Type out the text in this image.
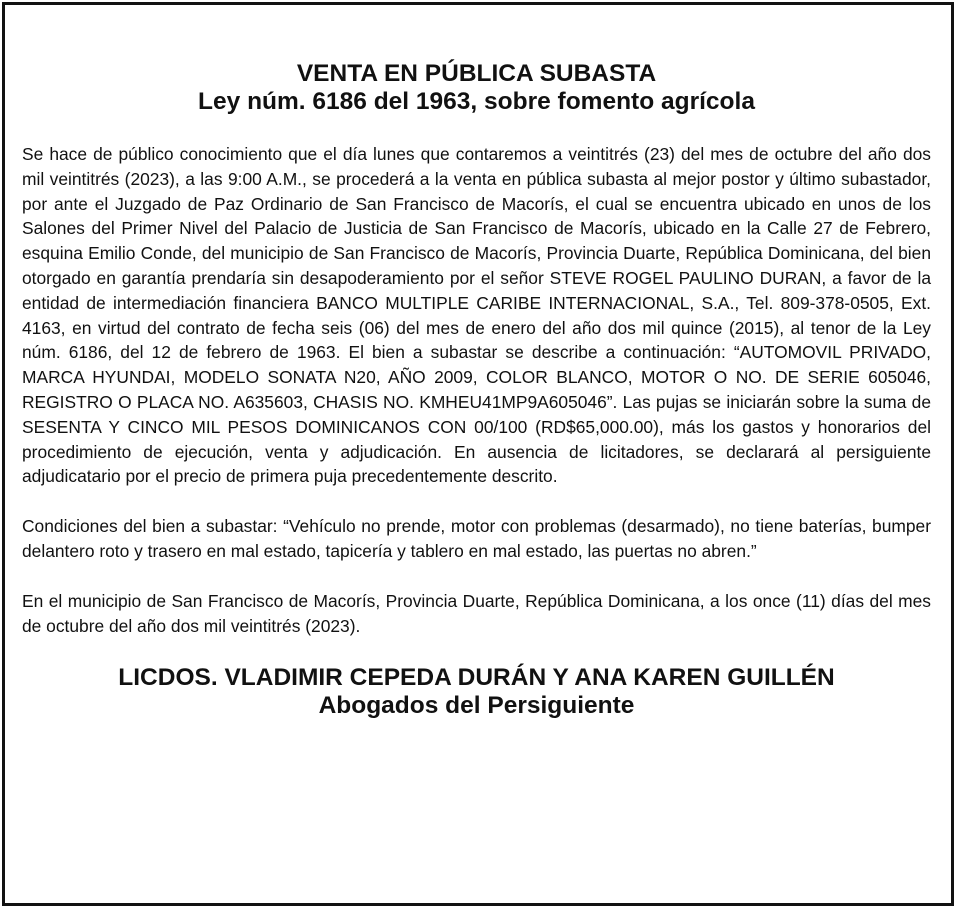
VENTA EN PÚBLICA SUBASTA
Ley núm. 6186 del 1963, sobre fomento agrícola

Se hace de público conocimiento que el día lunes que contaremos a veintitrés (23) del mes de octubre del año dos mil veintitrés (2023), a las 9:00 A.M., se procederá a la venta en pública subasta al mejor postor y último subastador, por ante el Juzgado de Paz Ordinario de San Francisco de Macorís, el cual se encuentra ubicado en unos de los Salones del Primer Nivel del Palacio de Justicia de San Francisco de Macorís, ubicado en la Calle 27 de Febrero, esquina Emilio Conde, del municipio de San Francisco de Macorís, Provincia Duarte, República Dominicana, del bien otorgado en garantía prendaría sin desapoderamiento por el señor STEVE ROGEL PAULINO DURAN, a favor de la entidad de intermediación financiera BANCO MULTIPLE CARIBE INTERNACIONAL, S.A., Tel. 809-378-0505, Ext. 4163, en virtud del contrato de fecha seis (06) del mes de enero del año dos mil quince (2015), al tenor de la Ley núm. 6186, del 12 de febrero de 1963. El bien a subastar se describe a continuación: “AUTOMOVIL PRIVADO, MARCA HYUNDAI, MODELO SONATA N20, AÑO 2009, COLOR BLANCO, MOTOR O NO. DE SERIE 605046, REGISTRO O PLACA NO. A635603, CHASIS NO. KMHEU41MP9A605046”. Las pujas se iniciarán sobre la suma de SESENTA Y CINCO MIL PESOS DOMINICANOS CON 00/100 (RD$65,000.00), más los gastos y honorarios del procedimiento de ejecución, venta y adjudicación. En ausencia de licitadores, se declarará al persiguiente adjudicatario por el precio de primera puja precedentemente descrito.

Condiciones del bien a subastar: “Vehículo no prende, motor con problemas (desarmado), no tiene baterías, bumper delantero roto y trasero en mal estado, tapicería y tablero en mal estado, las puertas no abren.”

En el municipio de San Francisco de Macorís, Provincia Duarte, República Dominicana, a los once (11) días del mes de octubre del año dos mil veintitrés (2023).

LICDOS. VLADIMIR CEPEDA DURÁN Y ANA KAREN GUILLÉN
Abogados del Persiguiente
